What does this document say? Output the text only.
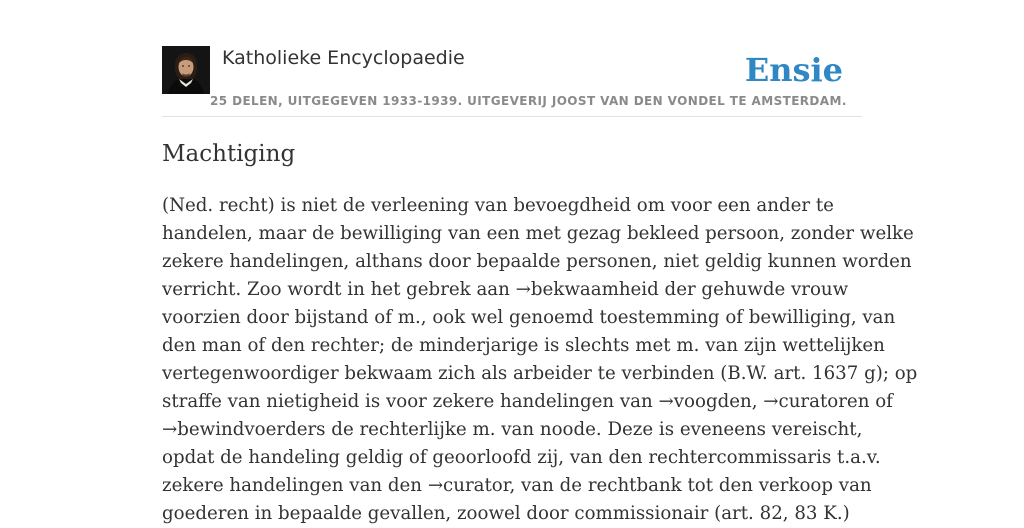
Katholieke Encyclopaedie
25 DELEN, UITGEGEVEN 1933-1939. UITGEVERIJ JOOST VAN DEN VONDEL TE AMSTERDAM.
Ensie
Machtiging
(Ned. recht) is niet de verleening van bevoegdheid om voor een ander te
handelen, maar de bewilliging van een met gezag bekleed persoon, zonder welke
zekere handelingen, althans door bepaalde personen, niet geldig kunnen worden
verricht. Zoo wordt in het gebrek aan →bekwaamheid der gehuwde vrouw
voorzien door bijstand of m., ook wel genoemd toestemming of bewilliging, van
den man of den rechter; de minderjarige is slechts met m. van zijn wettelijken
vertegenwoordiger bekwaam zich als arbeider te verbinden (B.W. art. 1637 g); op
straffe van nietigheid is voor zekere handelingen van →voogden, →curatoren of
→bewindvoerders de rechterlijke m. van noode. Deze is eveneens vereischt,
opdat de handeling geldig of geoorloofd zij, van den rechtercommissaris t.a.v.
zekere handelingen van den →curator, van de rechtbank tot den verkoop van
goederen in bepaalde gevallen, zoowel door commissionair (art. 82, 83 K.)
